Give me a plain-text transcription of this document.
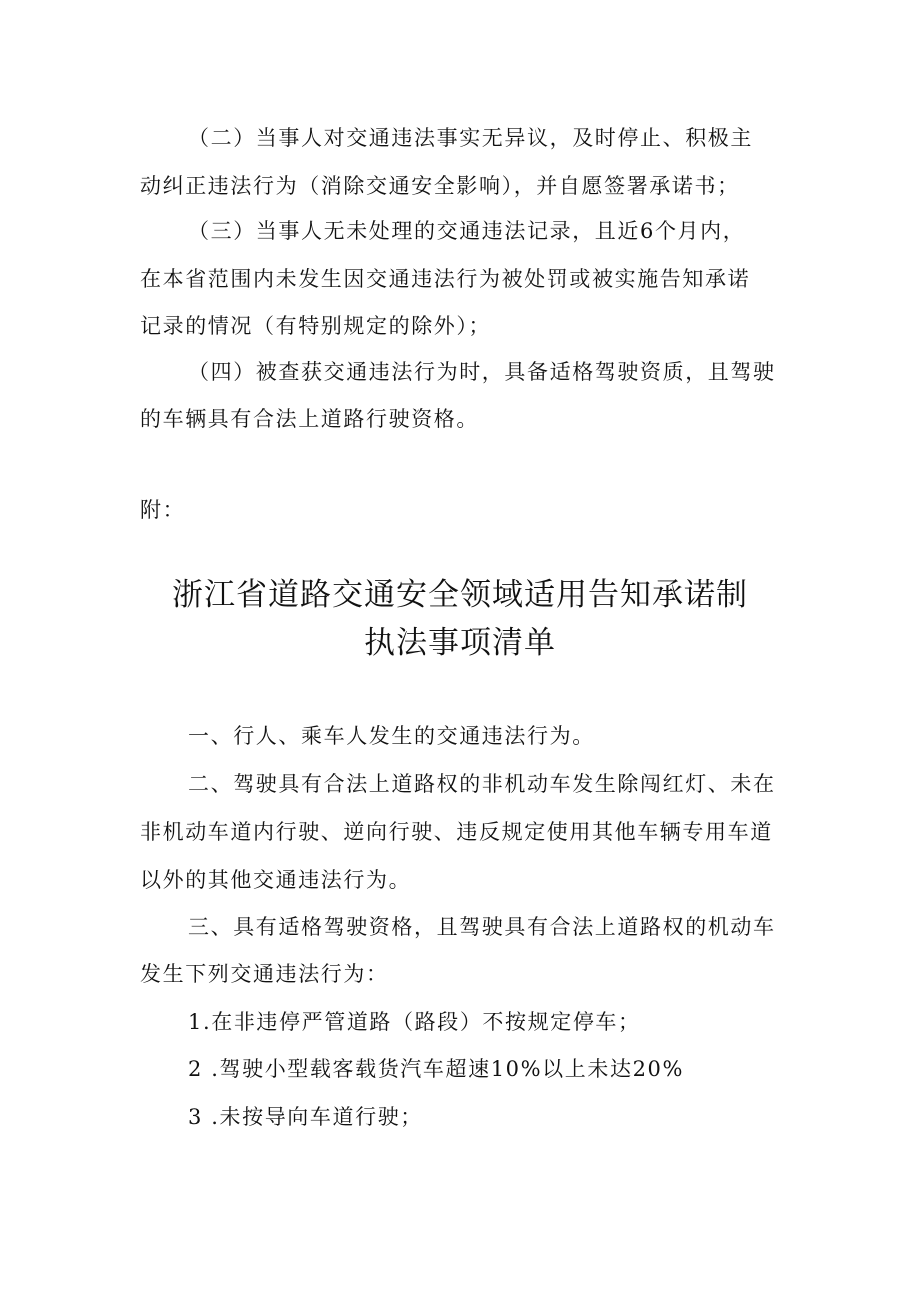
（二）当事人对交通违法事实无异议，及时停止、积极主
动纠正违法行为（消除交通安全影响），并自愿签署承诺书；
（三）当事人无未处理的交通违法记录，且近6个月内，
在本省范围内未发生因交通违法行为被处罚或被实施告知承诺
记录的情况（有特别规定的除外）；
（四）被查获交通违法行为时，具备适格驾驶资质，且驾驶
的车辆具有合法上道路行驶资格。
附：
浙江省道路交通安全领域适用告知承诺制
执法事项清单
一、行人、乘车人发生的交通违法行为。
二、驾驶具有合法上道路权的非机动车发生除闯红灯、未在
非机动车道内行驶、逆向行驶、违反规定使用其他车辆专用车道
以外的其他交通违法行为。
三、具有适格驾驶资格，且驾驶具有合法上道路权的机动车
发生下列交通违法行为：
1.在非违停严管道路（路段）不按规定停车；
2 .驾驶小型载客载货汽车超速10%以上未达20%
3 .未按导向车道行驶；
